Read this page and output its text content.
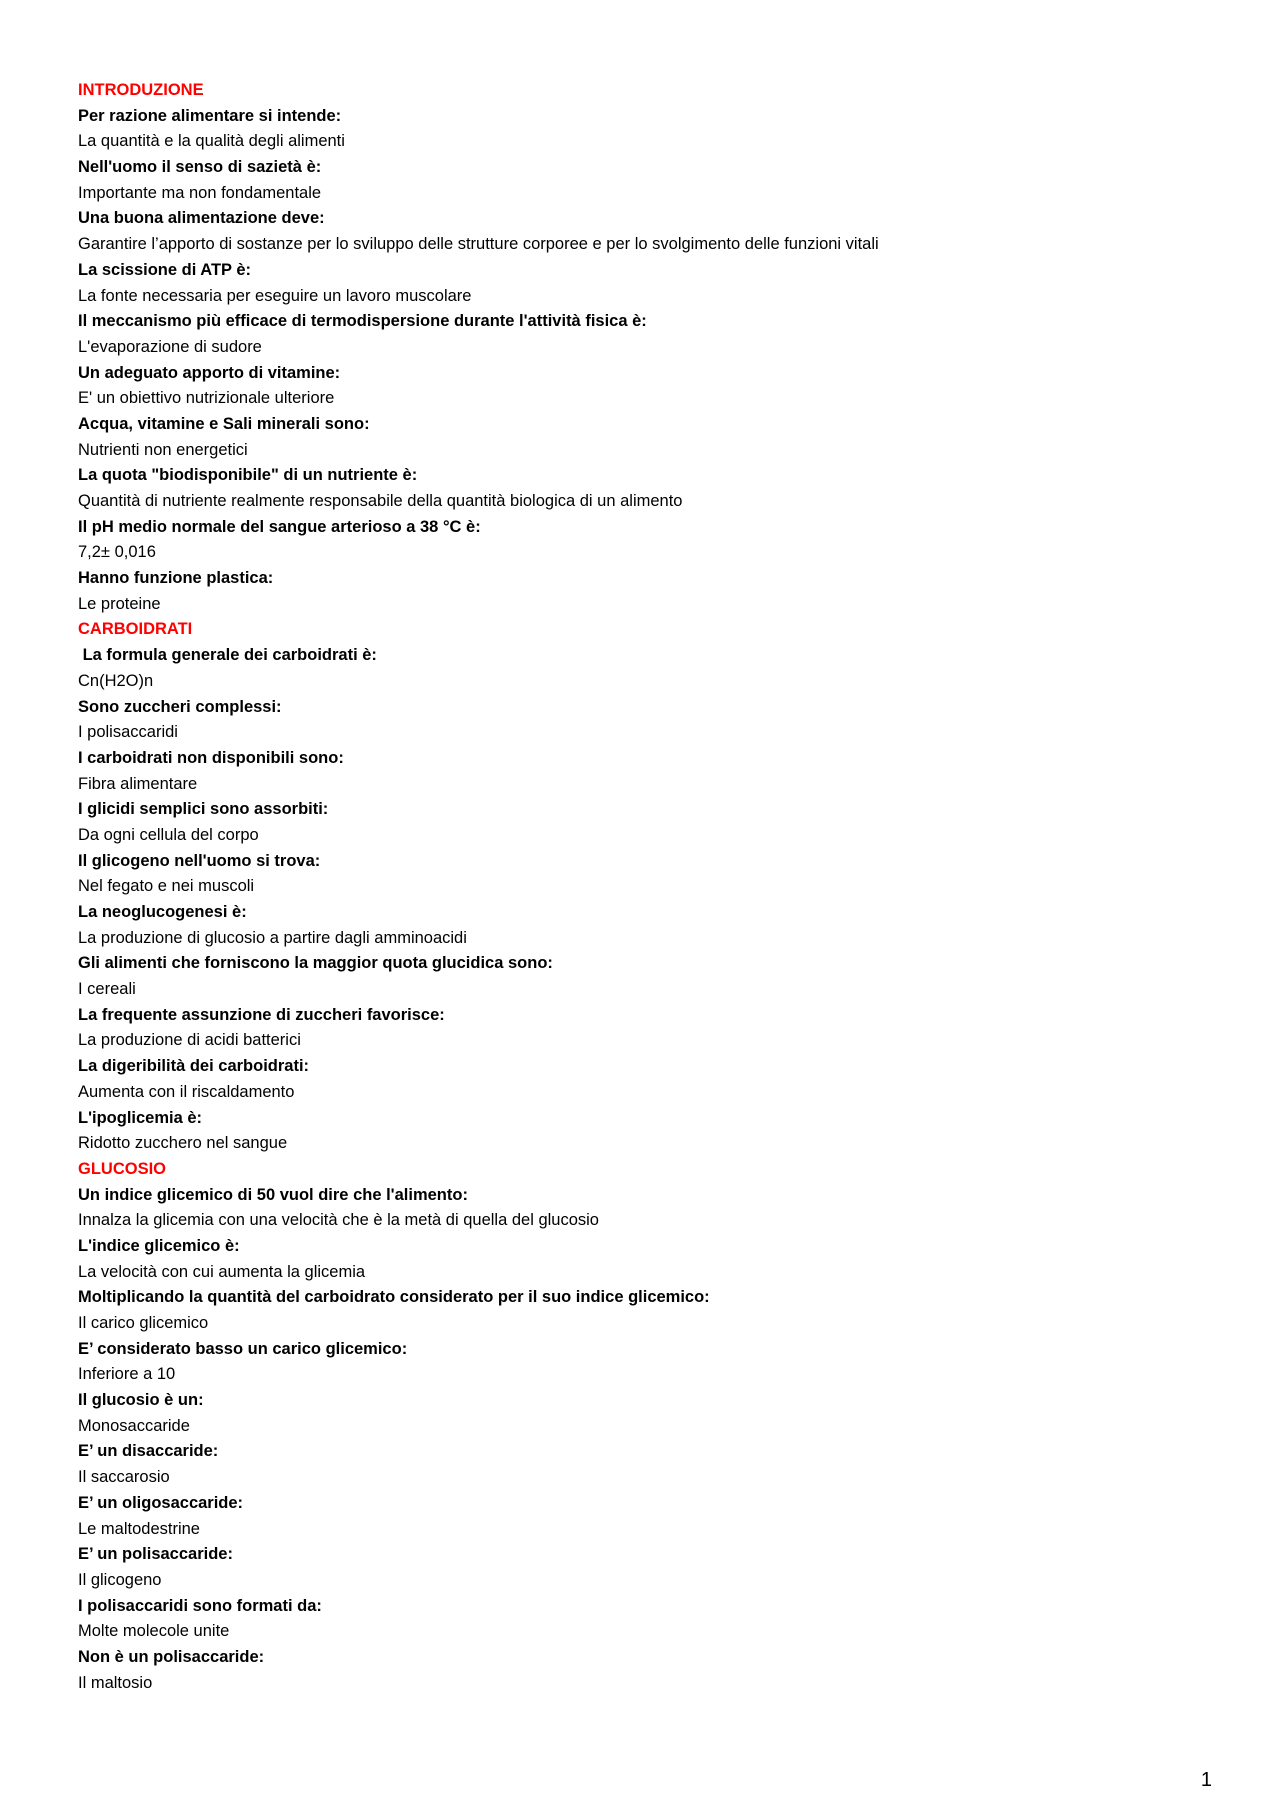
INTRODUZIONE
Per razione alimentare si intende:
La quantità e la qualità degli alimenti
Nell'uomo il senso di sazietà è:
Importante ma non fondamentale
Una buona alimentazione deve:
Garantire l’apporto di sostanze per lo sviluppo delle strutture corporee e per lo svolgimento delle funzioni vitali
La scissione di ATP è:
La fonte necessaria per eseguire un lavoro muscolare
Il meccanismo più efficace di termodispersione durante l'attività fisica è:
L'evaporazione di sudore
Un adeguato apporto di vitamine:
E' un obiettivo nutrizionale ulteriore
Acqua, vitamine e Sali minerali sono:
Nutrienti non energetici
La quota "biodisponibile" di un nutriente è:
Quantità di nutriente realmente responsabile della quantità biologica di un alimento
Il pH medio normale del sangue arterioso a 38 °C è:
7,2± 0,016
Hanno funzione plastica:
Le proteine
CARBOIDRATI
La formula generale dei carboidrati è:
Cn(H2O)n
Sono zuccheri complessi:
I polisaccaridi
I carboidrati non disponibili sono:
Fibra alimentare
I glicidi semplici sono assorbiti:
Da ogni cellula del corpo
Il glicogeno nell'uomo si trova:
Nel fegato e nei muscoli
La neoglucogenesi è:
La produzione di glucosio a partire dagli amminoacidi
Gli alimenti che forniscono la maggior quota glucidica sono:
I cereali
La frequente assunzione di zuccheri favorisce:
La produzione di acidi batterici
La digeribilità dei carboidrati:
Aumenta con il riscaldamento
L'ipoglicemia è:
Ridotto zucchero nel sangue
GLUCOSIO
Un indice glicemico di 50 vuol dire che l'alimento:
Innalza la glicemia con una velocità che è la metà di quella del glucosio
L'indice glicemico è:
La velocità con cui aumenta la glicemia
Moltiplicando la quantità del carboidrato considerato per il suo indice glicemico:
Il carico glicemico
E’ considerato basso un carico glicemico:
Inferiore a 10
Il glucosio è un:
Monosaccaride
E’ un disaccaride:
Il saccarosio
E’ un oligosaccaride:
Le maltodestrine
E’ un polisaccaride:
Il glicogeno
I polisaccaridi sono formati da:
Molte molecole unite
Non è un polisaccaride:
Il maltosio
1
